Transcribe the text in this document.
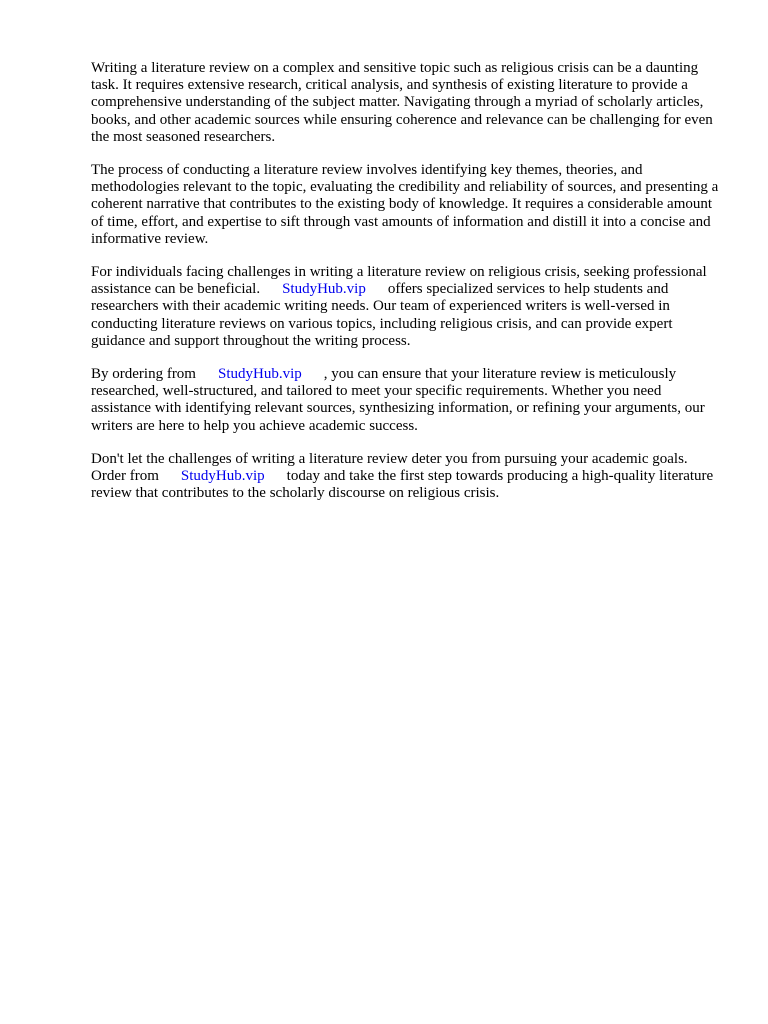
Writing a literature review on a complex and sensitive topic such as religious crisis can be a daunting task. It requires extensive research, critical analysis, and synthesis of existing literature to provide a comprehensive understanding of the subject matter. Navigating through a myriad of scholarly articles, books, and other academic sources while ensuring coherence and relevance can be challenging for even the most seasoned researchers.

The process of conducting a literature review involves identifying key themes, theories, and methodologies relevant to the topic, evaluating the credibility and reliability of sources, and presenting a coherent narrative that contributes to the existing body of knowledge. It requires a considerable amount of time, effort, and expertise to sift through vast amounts of information and distill it into a concise and informative review.

For individuals facing challenges in writing a literature review on religious crisis, seeking professional assistance can be beneficial. StudyHub.vip offers specialized services to help students and researchers with their academic writing needs. Our team of experienced writers is well-versed in conducting literature reviews on various topics, including religious crisis, and can provide expert guidance and support throughout the writing process.

By ordering from StudyHub.vip , you can ensure that your literature review is meticulously researched, well-structured, and tailored to meet your specific requirements. Whether you need assistance with identifying relevant sources, synthesizing information, or refining your arguments, our writers are here to help you achieve academic success.

Don't let the challenges of writing a literature review deter you from pursuing your academic goals. Order from StudyHub.vip today and take the first step towards producing a high-quality literature review that contributes to the scholarly discourse on religious crisis.
